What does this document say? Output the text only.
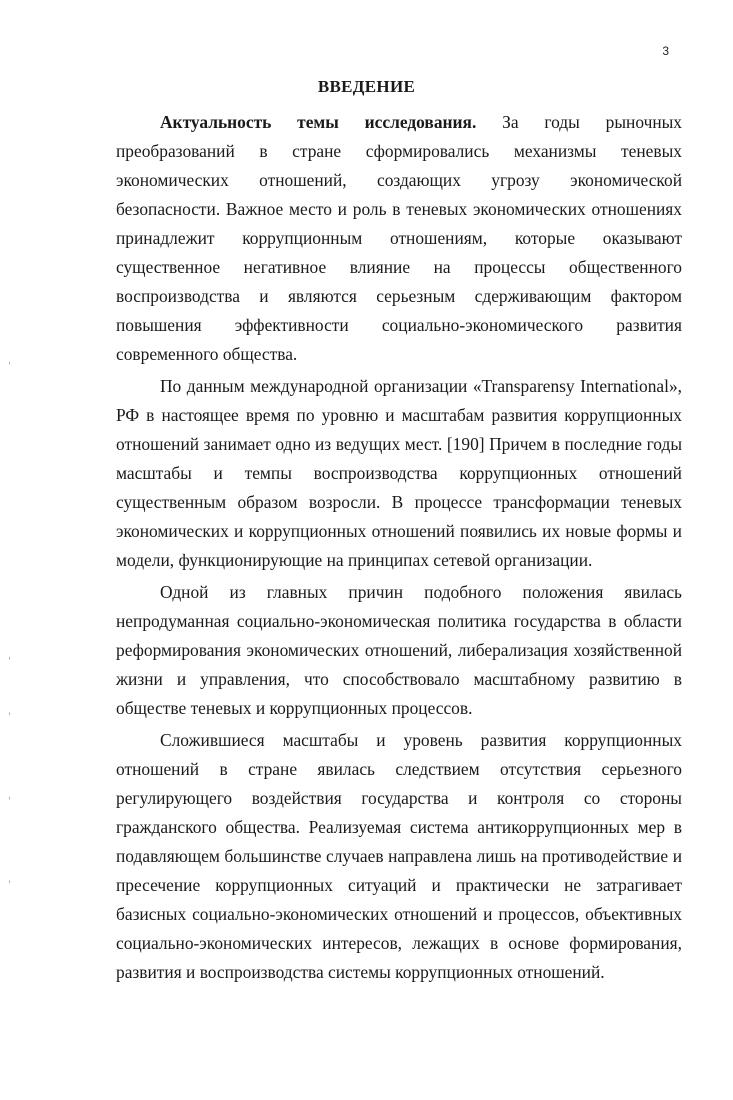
3
ВВЕДЕНИЕ

Актуальность темы исследования. За годы рыночных преобразований в стране сформировались механизмы теневых экономических отношений, создающих угрозу экономической безопасности. Важное место и роль в теневых экономических отношениях принадлежит коррупционным отношениям, которые оказывают существенное негативное влияние на процессы общественного воспроизводства и являются серьезным сдерживающим фактором повышения эффективности социально-экономического развития современного общества.

По данным международной организации «Transparensy International», РФ в настоящее время по уровню и масштабам развития коррупционных отношений занимает одно из ведущих мест. [190] Причем в последние годы масштабы и темпы воспроизводства коррупционных отношений существенным образом возросли. В процессе трансформации теневых экономических и коррупционных отношений появились их новые формы и модели, функционирующие на принципах сетевой организации.

Одной из главных причин подобного положения явилась непродуманная социально-экономическая политика государства в области реформирования экономических отношений, либерализация хозяйственной жизни и управления, что способствовало масштабному развитию в обществе теневых и коррупционных процессов.

Сложившиеся масштабы и уровень развития коррупционных отношений в стране явилась следствием отсутствия серьезного регулирующего воздействия государства и контроля со стороны гражданского общества. Реализуемая система антикоррупционных мер в подавляющем большинстве случаев направлена лишь на противодействие и пресечение коррупционных ситуаций и практически не затрагивает базисных социально-экономических отношений и процессов, объективных социально-экономических интересов, лежащих в основе формирования, развития и воспроизводства системы коррупционных отношений.

ˌ
ˌ
ˈ
ˌ
ˈ
